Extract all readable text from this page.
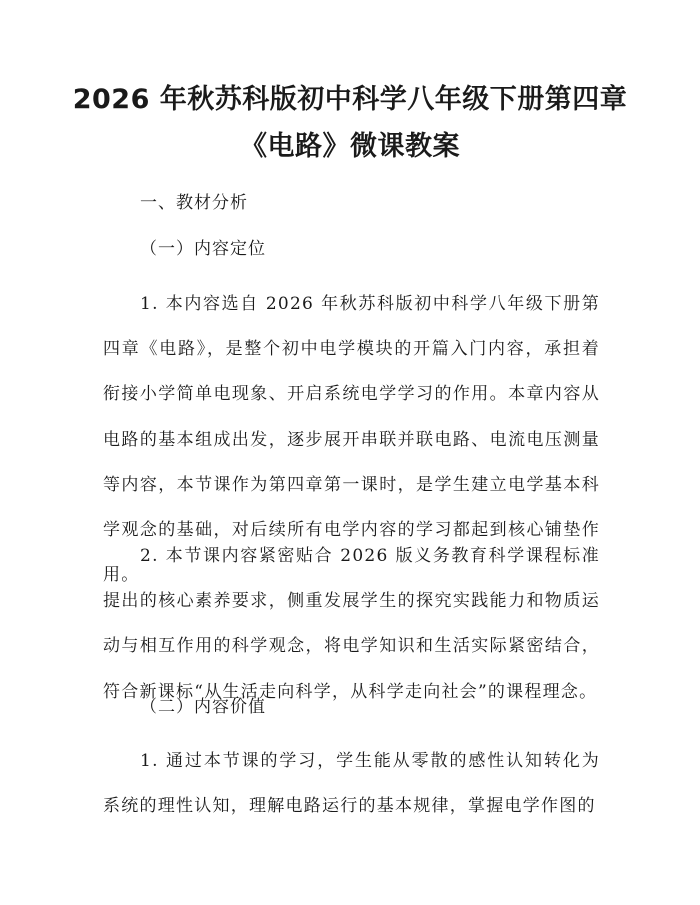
2026 年秋苏科版初中科学八年级下册第四章
《电路》微课教案

一、教材分析

（一）内容定位

1. 本内容选自 2026 年秋苏科版初中科学八年级下册第四章《电路》，是整个初中电学模块的开篇入门内容，承担着衔接小学简单电现象、开启系统电学学习的作用。本章内容从电路的基本组成出发，逐步展开串联并联电路、电流电压测量等内容，本节课作为第四章第一课时，是学生建立电学基本科学观念的基础，对后续所有电学内容的学习都起到核心铺垫作用。

2. 本节课内容紧密贴合 2026 版义务教育科学课程标准提出的核心素养要求，侧重发展学生的探究实践能力和物质运动与相互作用的科学观念，将电学知识和生活实际紧密结合，符合新课标“从生活走向科学，从科学走向社会”的课程理念。

（二）内容价值

1. 通过本节课的学习，学生能从零散的感性认知转化为系统的理性认知，理解电路运行的基本规律，掌握电学作图的
